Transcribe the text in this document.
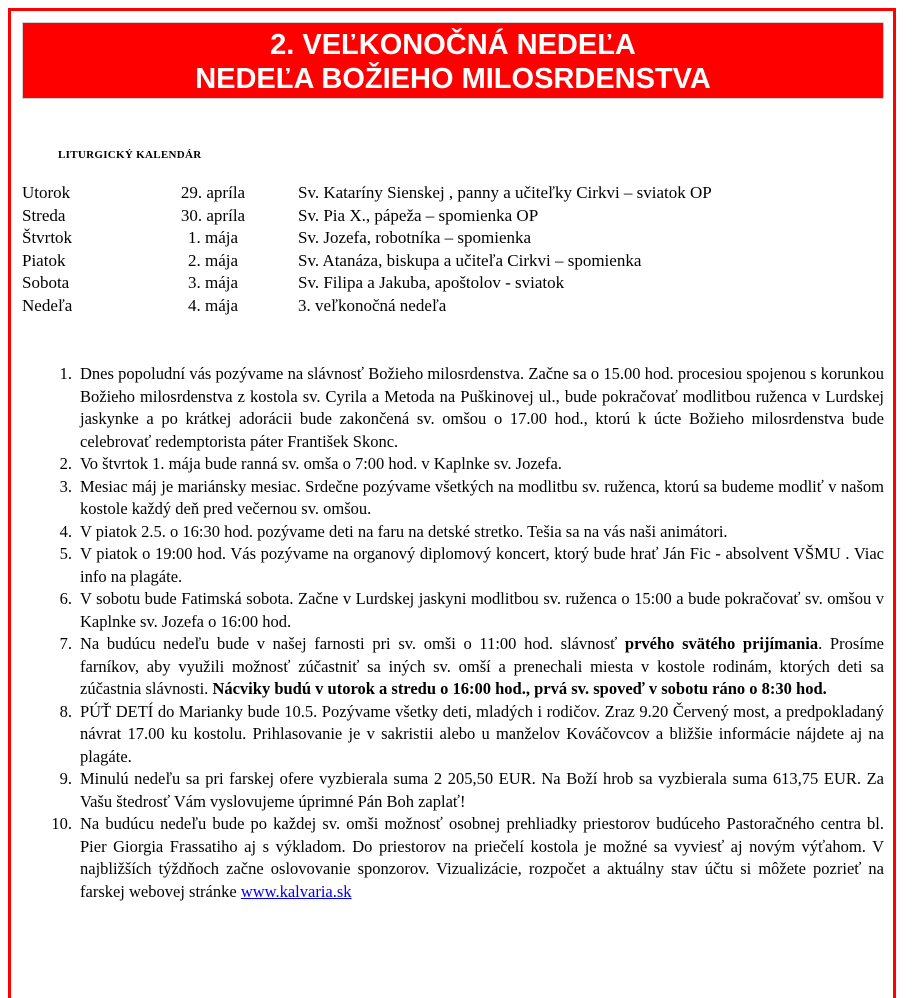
2. VEĽKONOČNÁ NEDEĽA
NEDEĽA BOŽIEHO MILOSRDENSTVA
LITURGICKÝ KALENDÁR
Utorok	29. apríla	Sv. Kataríny Sienskej , panny a učiteľky Cirkvi – sviatok OP
Streda	30. apríla	Sv. Pia X., pápeža – spomienka OP
Štvrtok	1. mája	Sv. Jozefa, robotníka – spomienka
Piatok	2. mája	Sv. Atanáza, biskupa a učiteľa Cirkvi – spomienka
Sobota	3. mája	Sv. Filipa a Jakuba, apoštolov - sviatok
Nedeľa	4. mája	3. veľkonočná nedeľa
1. Dnes popoludní vás pozývame na slávnosť Božieho milosrdenstva. Začne sa o 15.00 hod. procesiou spojenou s korunkou Božieho milosrdenstva z kostola sv. Cyrila a Metoda na Puškinovej ul., bude pokračovať modlitbou ruženca v Lurdskej jaskynke a po krátkej adorácii bude zakončená sv. omšou o 17.00 hod., ktorú k úcte Božieho milosrdenstva bude celebrovať redemptorista páter František Skonc.
2. Vo štvrtok 1. mája bude ranná sv. omša o 7:00 hod. v Kaplnke sv. Jozefa.
3. Mesiac máj je mariánsky mesiac. Srdečne pozývame všetkých na modlitbu sv. ruženca, ktorú sa budeme modliť v našom kostole každý deň pred večernou sv. omšou.
4. V piatok 2.5. o 16:30 hod. pozývame deti na faru na detské stretko. Tešia sa na vás naši animátori.
5. V piatok o 19:00 hod. Vás pozývame na organový diplomový koncert, ktorý bude hrať Ján Fic - absolvent VŠMU . Viac info na plagáte.
6. V sobotu bude Fatimská sobota. Začne v Lurdskej jaskyni modlitbou sv. ruženca o 15:00 a bude pokračovať sv. omšou v Kaplnke sv. Jozefa o 16:00 hod.
7. Na budúcu nedeľu bude v našej farnosti pri sv. omši o 11:00 hod. slávnosť prvého svätého prijímania. Prosíme farníkov, aby využili možnosť zúčastniť sa iných sv. omší a prenechali miesta v kostole rodinám, ktorých deti sa zúčastnia slávnosti. Nácviky budú v utorok a stredu o 16:00 hod., prvá sv. spoveď v sobotu ráno o 8:30 hod.
8. PÚŤ DETÍ do Marianky bude 10.5. Pozývame všetky deti, mladých i rodičov. Zraz 9.20 Červený most, a predpokladaný návrat 17.00 ku kostolu. Prihlasovanie je v sakristii alebo u manželov Kováčovcov a bližšie informácie nájdete aj na plagáte.
9. Minulú nedeľu sa pri farskej ofere vyzbierala suma 2 205,50 EUR. Na Boží hrob sa vyzbierala suma 613,75 EUR. Za Vašu štedrosť Vám vyslovujeme úprimné Pán Boh zaplať!
10. Na budúcu nedeľu bude po každej sv. omši možnosť osobnej prehliadky priestorov budúceho Pastoračného centra bl. Pier Giorgia Frassatiho aj s výkladom. Do priestorov na priečelí kostola je možné sa vyviesť aj novým výťahom. V najbližších týždňoch začne oslovovanie sponzorov. Vizualizácie, rozpočet a aktuálny stav účtu si môžete pozrieť na farskej webovej stránke www.kalvaria.sk
